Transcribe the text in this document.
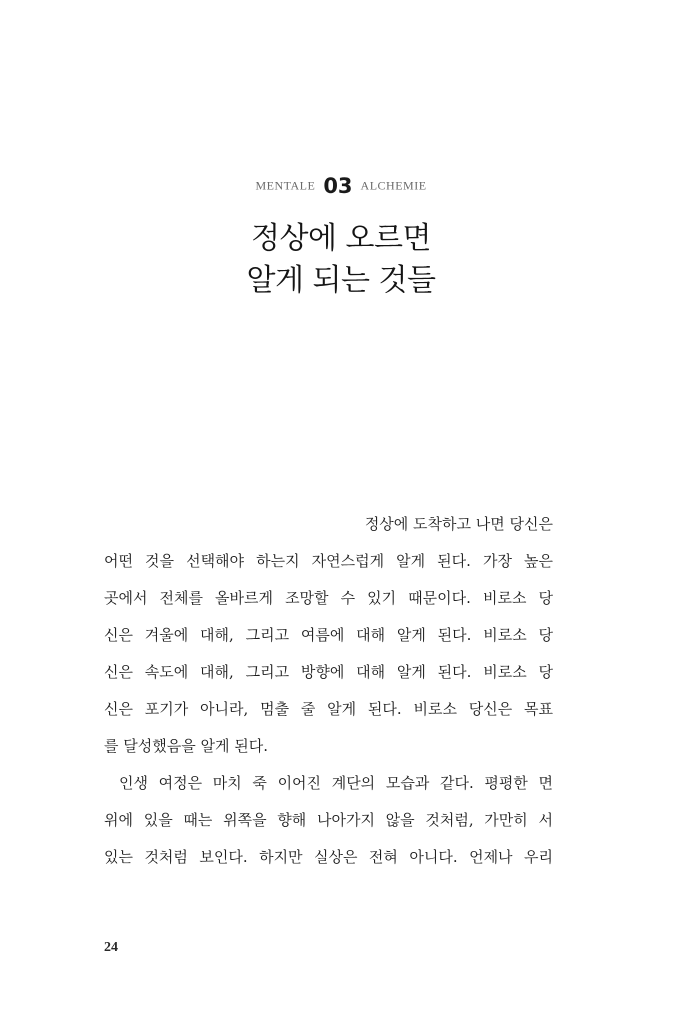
MENTALE 03 ALCHEMIE
정상에 오르면
알게 되는 것들
정상에 도착하고 나면 당신은
어떤 것을 선택해야 하는지 자연스럽게 알게 된다. 가장 높은
곳에서 전체를 올바르게 조망할 수 있기 때문이다. 비로소 당
신은 겨울에 대해, 그리고 여름에 대해 알게 된다. 비로소 당
신은 속도에 대해, 그리고 방향에 대해 알게 된다. 비로소 당
신은 포기가 아니라, 멈출 줄 알게 된다. 비로소 당신은 목표
를 달성했음을 알게 된다.
인생 여정은 마치 죽 이어진 계단의 모습과 같다. 평평한 면
위에 있을 때는 위쪽을 향해 나아가지 않을 것처럼, 가만히 서
있는 것처럼 보인다. 하지만 실상은 전혀 아니다. 언제나 우리
24
